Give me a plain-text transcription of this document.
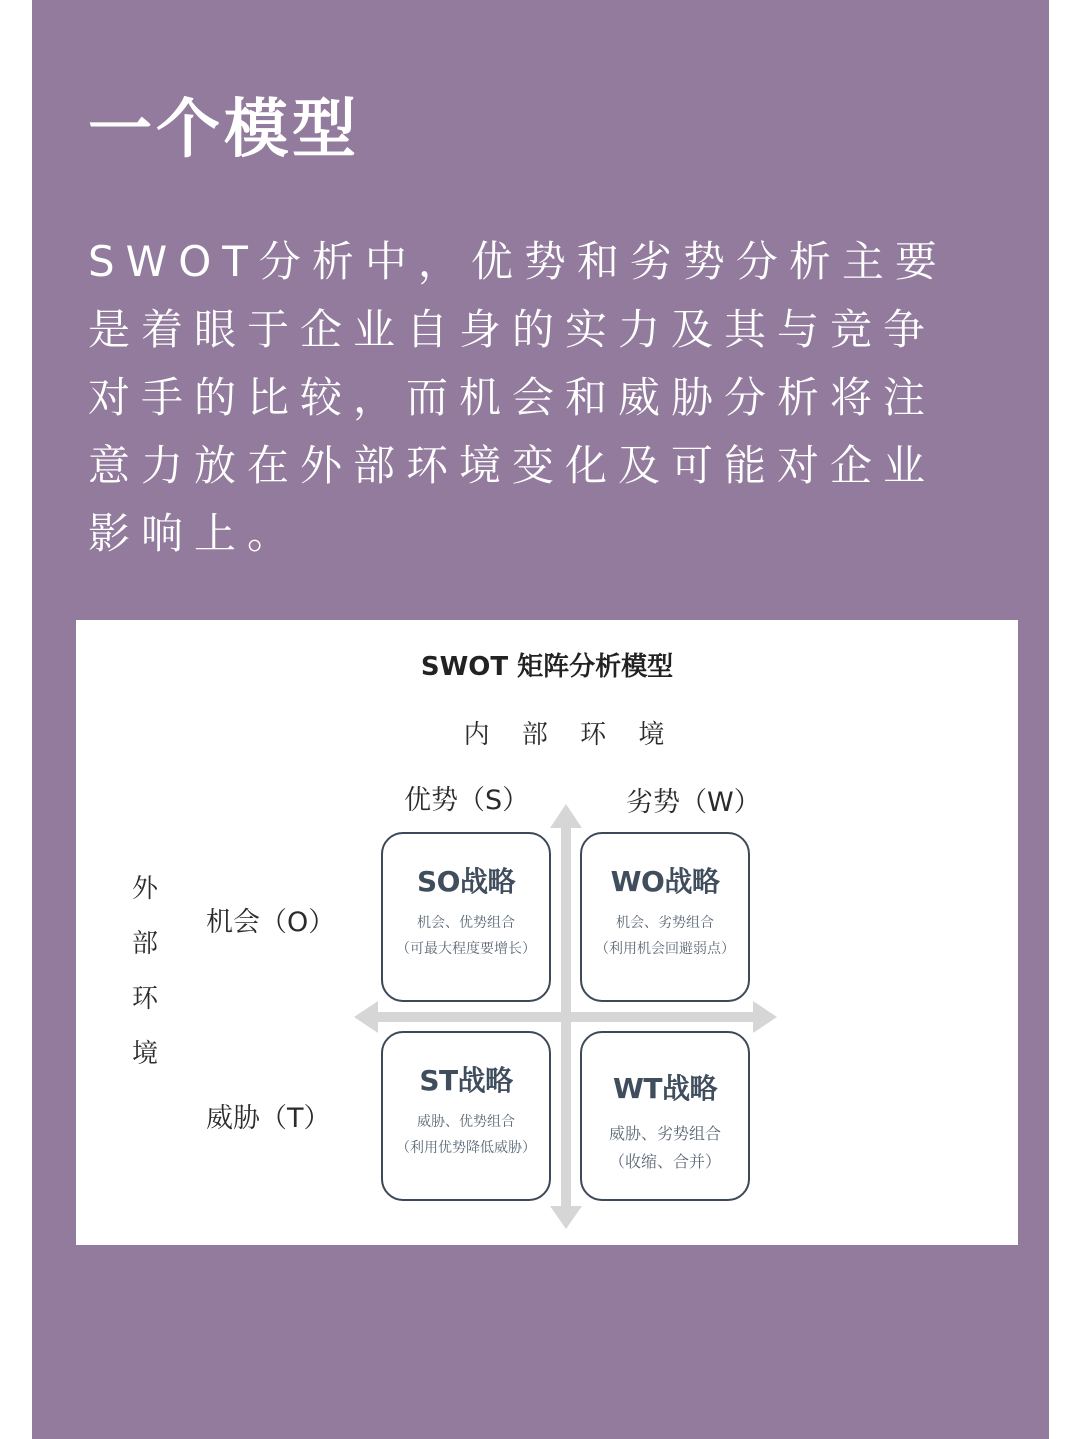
一个模型

SWOT分析中，优势和劣势分析主要是着眼于企业自身的实力及其与竞争对手的比较，而机会和威胁分析将注意力放在外部环境变化及可能对企业影响上。

SWOT 矩阵分析模型
内 部 环 境
优势（S）	劣势（W）
外部环境
机会（O）
威胁（T）
SO战略
机会、优势组合
（可最大程度要增长）
WO战略
机会、劣势组合
（利用机会回避弱点）
ST战略
威胁、优势组合
（利用优势降低威胁）
WT战略
威胁、劣势组合
（收缩、合并）
